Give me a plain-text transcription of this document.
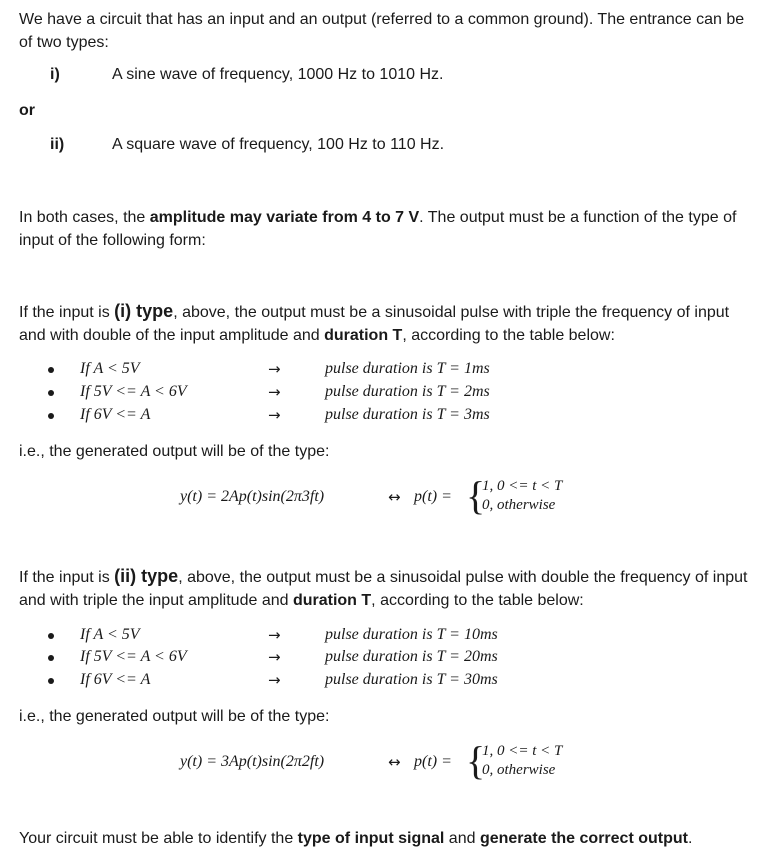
We have a circuit that has an input and an output (referred to a common ground). The entrance can be of two types:
i)	A sine wave of frequency, 1000 Hz to 1010 Hz.
or
ii)	A square wave of frequency, 100 Hz to 110 Hz.
In both cases, the amplitude may variate from 4 to 7 V. The output must be a function of the type of input of the following form:
If the input is (i) type, above, the output must be a sinusoidal pulse with triple the frequency of input and with double of the input amplitude and duration T, according to the table below:
If A < 5V	→	pulse duration is T = 1ms
If 5V <= A < 6V	→	pulse duration is T = 2ms
If 6V <= A	→	pulse duration is T = 3ms
i.e., the generated output will be of the type:
y(t) = 2Ap(t)sin(2π3ft)	↔ p(t) = {
1, 0 <= t < T
0, otherwise
If the input is (ii) type, above, the output must be a sinusoidal pulse with double the frequency of input and with triple the input amplitude and duration T, according to the table below:
If A < 5V	→	pulse duration is T = 10ms
If 5V <= A < 6V	→	pulse duration is T = 20ms
If 6V <= A	→	pulse duration is T = 30ms
i.e., the generated output will be of the type:
y(t) = 3Ap(t)sin(2π2ft)	↔ p(t) = {
1, 0 <= t < T
0, otherwise
Your circuit must be able to identify the type of input signal and generate the correct output.
